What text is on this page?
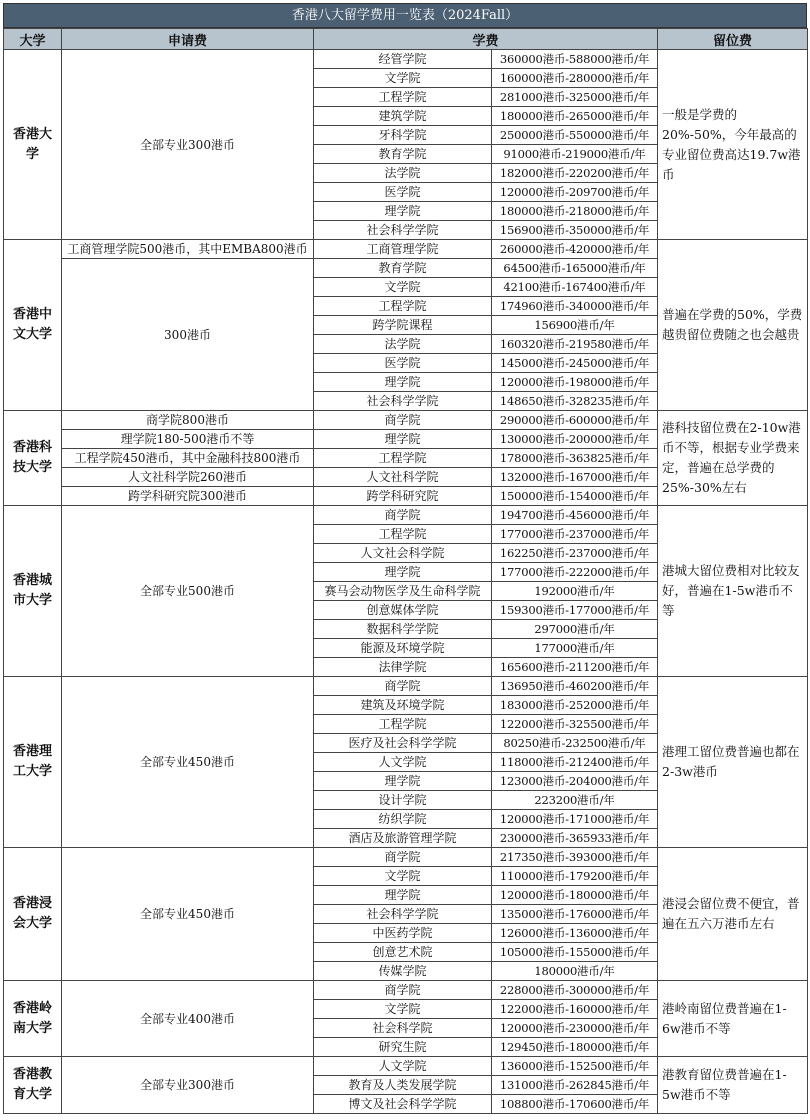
香港八大留学费用一览表（2024Fall）
大学	申请费	学费		留位费
香港大学	全部专业300港币	经管学院	360000港币-588000港币/年	一般是学费的20%-50%，今年最高的专业留位费高达19.7w港币
		文学院	160000港币-280000港币/年	
		工程学院	281000港币-325000港币/年	
		建筑学院	180000港币-265000港币/年	
		牙科学院	250000港币-550000港币/年	
		教育学院	91000港币-219000港币/年	
		法学院	182000港币-220200港币/年	
		医学院	120000港币-209700港币/年	
		理学院	180000港币-218000港币/年	
		社会科学学院	156900港币-350000港币/年	
香港中文大学	工商管理学院500港币，其中EMBA800港币	工商管理学院	260000港币-420000港币/年	普遍在学费的50%，学费越贵留位费随之也会越贵
	300港币	教育学院	64500港币-165000港币/年	
		文学院	42100港币-167400港币/年	
		工程学院	174960港币-340000港币/年	
		跨学院课程	156900港币/年	
		法学院	160320港币-219580港币/年	
		医学院	145000港币-245000港币/年	
		理学院	120000港币-198000港币/年	
		社会科学学院	148650港币-328235港币/年	
香港科技大学	商学院800港币	商学院	290000港币-600000港币/年	港科技留位费在2-10w港币不等，根据专业学费来定，普遍在总学费的25%-30%左右
	理学院180-500港币不等	理学院	130000港币-200000港币/年	
	工程学院450港币，其中金融科技800港币	工程学院	178000港币-363825港币/年	
	人文社科学院260港币	人文社科学院	132000港币-167000港币/年	
	跨学科研究院300港币	跨学科研究院	150000港币-154000港币/年	
香港城市大学	全部专业500港币	商学院	194700港币-456000港币/年	港城大留位费相对比较友好，普遍在1-5w港币不等
		工程学院	177000港币-237000港币/年	
		人文社会科学院	162250港币-237000港币/年	
		理学院	177000港币-222000港币/年	
		赛马会动物医学及生命科学院	192000港币/年	
		创意媒体学院	159300港币-177000港币/年	
		数据科学学院	297000港币/年	
		能源及环境学院	177000港币/年	
		法律学院	165600港币-211200港币/年	
香港理工大学	全部专业450港币	商学院	136950港币-460200港币/年	港理工留位费普遍也都在2-3w港币
		建筑及环境学院	183000港币-252000港币/年	
		工程学院	122000港币-325500港币/年	
		医疗及社会科学学院	80250港币-232500港币/年	
		人文学院	118000港币-212400港币/年	
		理学院	123000港币-204000港币/年	
		设计学院	223200港币/年	
		纺织学院	120000港币-171000港币/年	
		酒店及旅游管理学院	230000港币-365933港币/年	
香港浸会大学	全部专业450港币	商学院	217350港币-393000港币/年	港浸会留位费不便宜，普遍在五六万港币左右
		文学院	110000港币-179200港币/年	
		理学院	120000港币-180000港币/年	
		社会科学学院	135000港币-176000港币/年	
		中医药学院	126000港币-136000港币/年	
		创意艺术院	105000港币-155000港币/年	
		传媒学院	180000港币/年	
香港岭南大学	全部专业400港币	商学院	228000港币-300000港币/年	港岭南留位费普遍在1-6w港币不等
		文学院	122000港币-160000港币/年	
		社会科学院	120000港币-230000港币/年	
		研究生院	129450港币-180000港币/年	
香港教育大学	全部专业300港币	人文学院	136000港币-152500港币/年	港教育留位费普遍在1-5w港币不等
		教育及人类发展学院	131000港币-262845港币/年	
		博文及社会科学学院	108800港币-170600港币/年	
